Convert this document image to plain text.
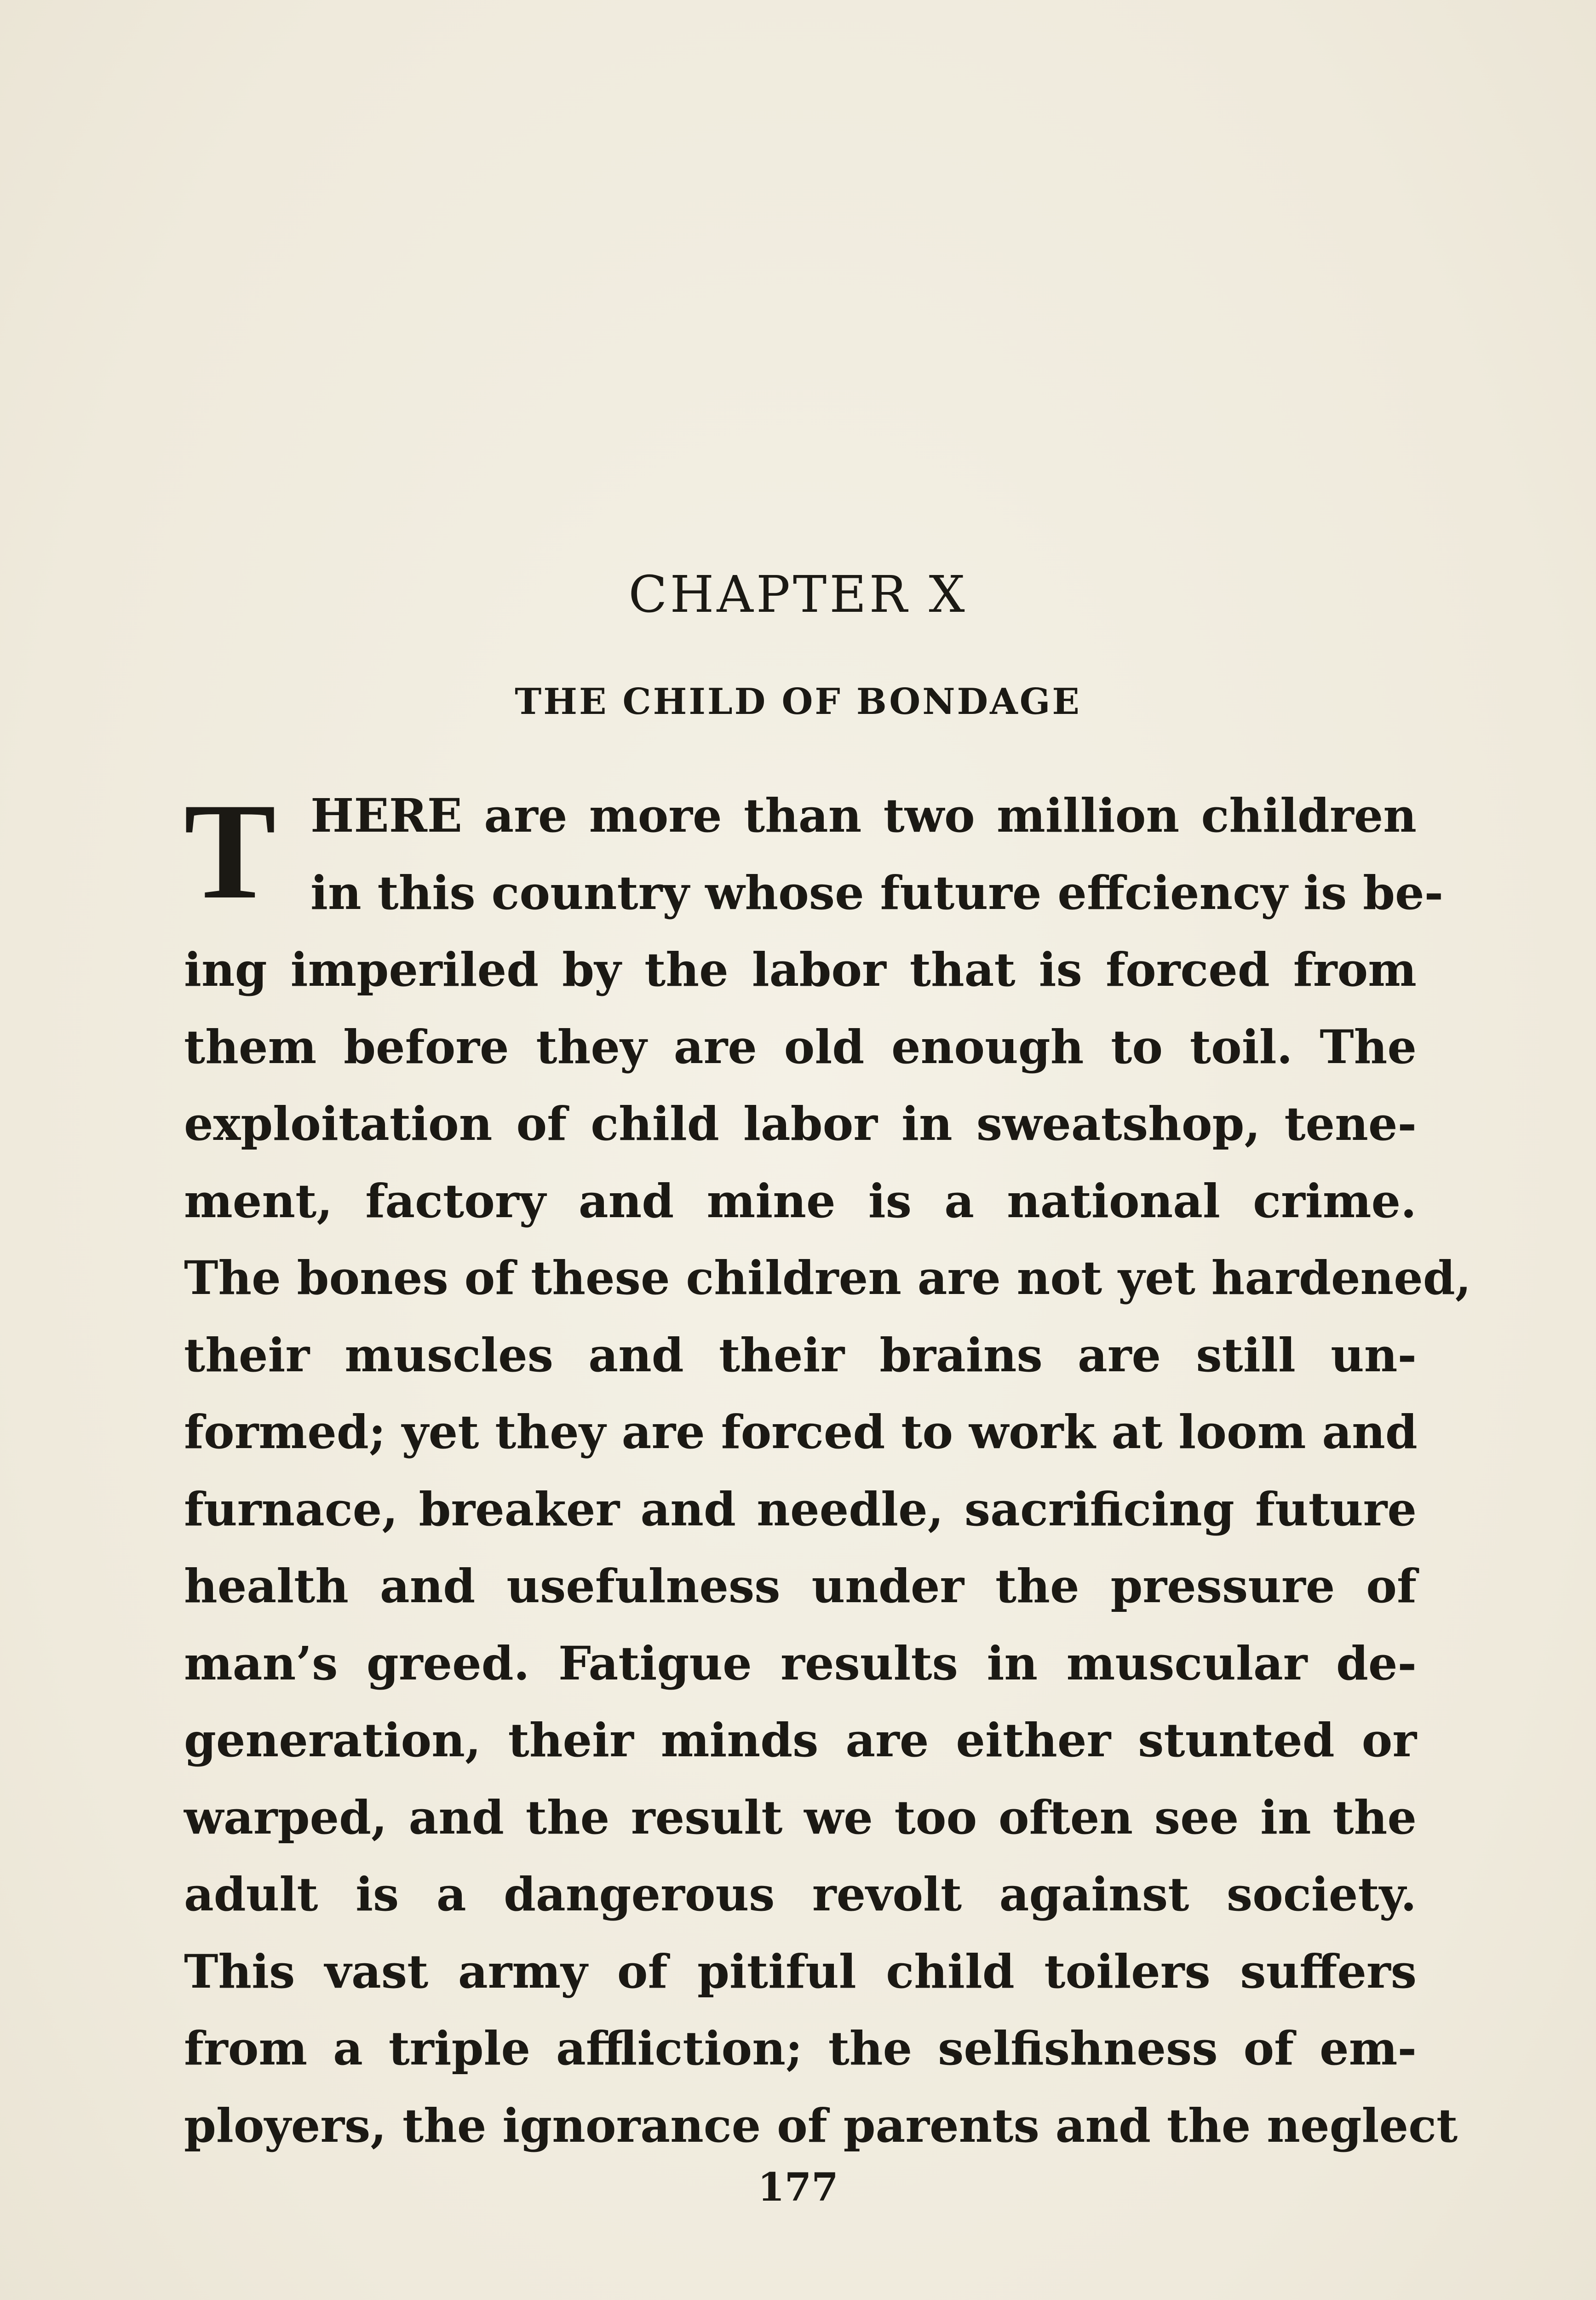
CHAPTER X
THE CHILD OF BONDAGE
T HERE are more than two million children
in this country whose future effciency is be-
ing imperiled by the labor that is forced from
them before they are old enough to toil. The
exploitation of child labor in sweatshop, tene-
ment, factory and mine is a national crime.
The bones of these children are not yet hardened,
their muscles and their brains are still un-
formed; yet they are forced to work at loom and
furnace, breaker and needle, sacrificing future
health and usefulness under the pressure of
man’s greed. Fatigue results in muscular de-
generation, their minds are either stunted or
warped, and the result we too often see in the
adult is a dangerous revolt against society.
This vast army of pitiful child toilers suffers
from a triple affliction; the selfishness of em-
ployers, the ignorance of parents and the neglect
177
